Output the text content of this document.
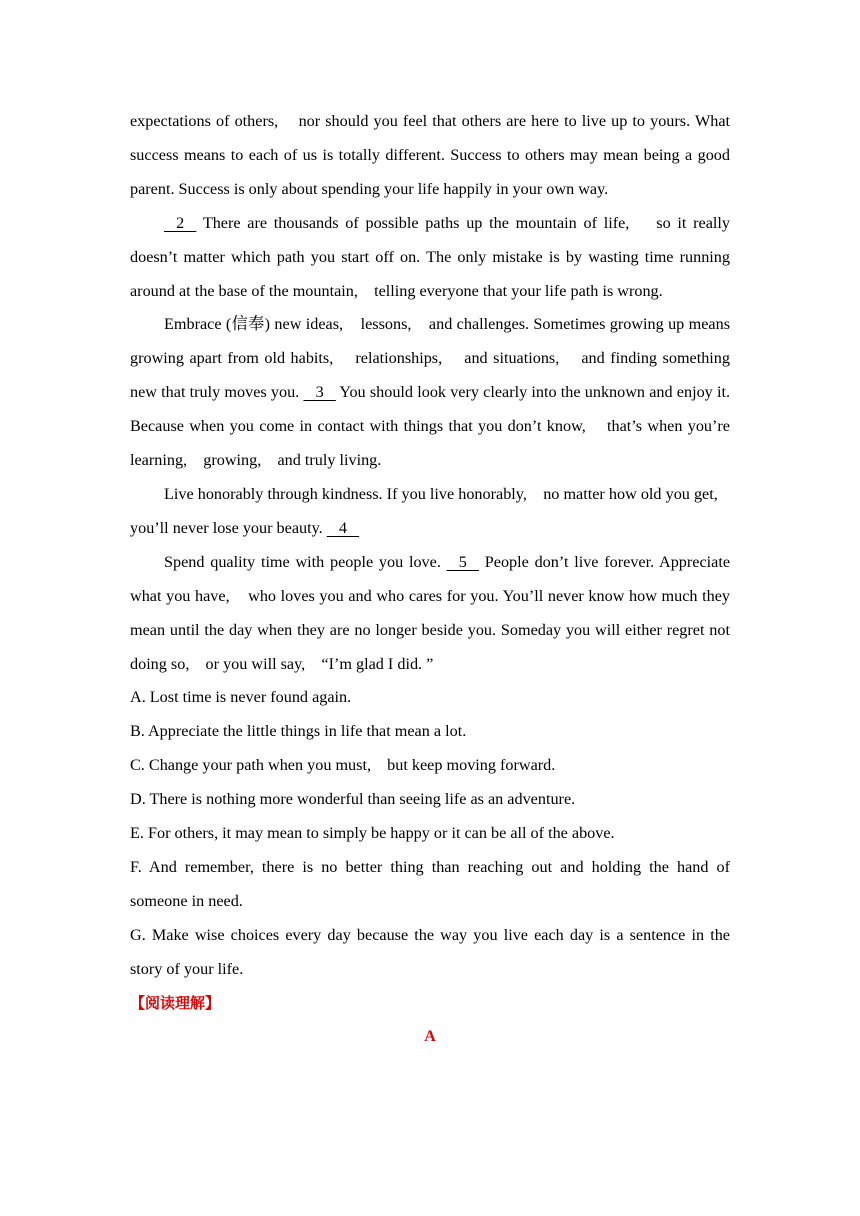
expectations of others,    nor should you feel that others are here to live up to yours. What success means to each of us is totally different. Success to others may mean being a good parent. Success is only about spending your life happily in your own way.

2    There are thousands of possible paths up the mountain of life,    so it really doesn’t matter which path you start off on. The only mistake is by wasting time running around at the base of the mountain,    telling everyone that your life path is wrong.

Embrace (信奉) new ideas,    lessons,    and challenges. Sometimes growing up means growing apart from old habits,    relationships,    and situations,    and finding something new that truly moves you.    3    You should look very clearly into the unknown and enjoy it. Because when you come in contact with things that you don’t know,    that’s when you’re learning,    growing,    and truly living.

Live honorably through kindness. If you live honorably,    no matter how old you get,    you’ll never lose your beauty.    4

Spend quality time with people you love.    5    People don’t live forever. Appreciate what you have,    who loves you and who cares for you. You’ll never know how much they mean until the day when they are no longer beside you. Someday you will either regret not doing so,    or you will say,    “I’m glad I did. ”

A. Lost time is never found again.

B. Appreciate the little things in life that mean a lot.

C. Change your path when you must,    but keep moving forward.

D. There is nothing more wonderful than seeing life as an adventure.

E. For others, it may mean to simply be happy or it can be all of the above.

F. And remember, there is no better thing than reaching out and holding the hand of someone in need.

G. Make wise choices every day because the way you live each day is a sentence in the story of your life.

【阅读理解】

A
